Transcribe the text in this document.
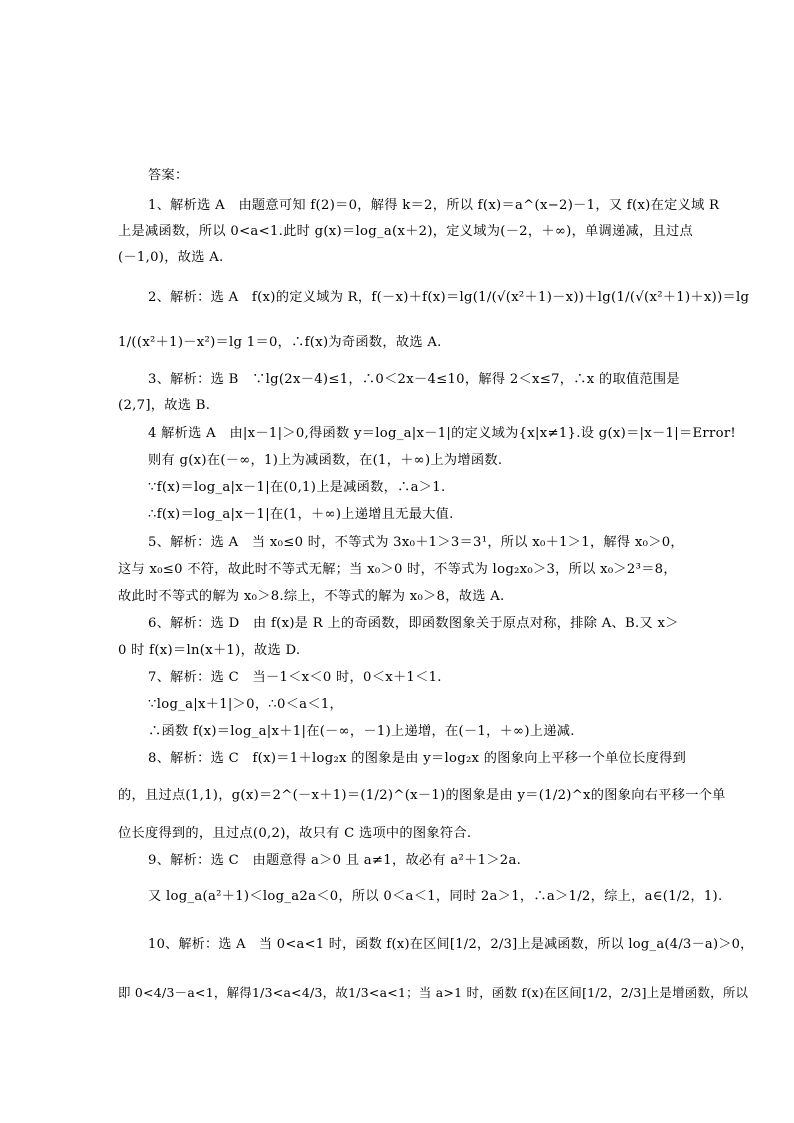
答案：
1、解析选 A　由题意可知 f(2)＝0，解得 k＝2，所以 f(x)＝a^(x−2)－1，又 f(x)在定义域 R
上是减函数，所以 0<a<1.此时 g(x)＝log_a(x＋2)，定义域为(－2，＋∞)，单调递减，且过点
(－1,0)，故选 A.
2、解析：选 A　f(x)的定义域为 R，f(－x)＋f(x)＝lg(1/(√(x²＋1)－x))＋lg(1/(√(x²＋1)＋x))＝lg
1/((x²＋1)－x²)＝lg 1＝0，∴f(x)为奇函数，故选 A.
3、解析：选 B　∵lg(2x－4)≤1，∴0＜2x－4≤10，解得 2＜x≤7，∴x 的取值范围是
(2,7]，故选 B.
4 解析选 A　由|x－1|＞0,得函数 y＝log_a|x－1|的定义域为{x|x≠1}.设 g(x)＝|x－1|＝Error!
则有 g(x)在(－∞，1)上为减函数，在(1，＋∞)上为增函数.
∵f(x)＝log_a|x－1|在(0,1)上是减函数，∴a＞1.
∴f(x)＝log_a|x－1|在(1，＋∞)上递增且无最大值.
5、解析：选 A　当 x₀≤0 时，不等式为 3x₀＋1＞3＝3¹，所以 x₀＋1＞1，解得 x₀＞0，
这与 x₀≤0 不符，故此时不等式无解；当 x₀＞0 时，不等式为 log₂x₀＞3，所以 x₀＞2³＝8，
故此时不等式的解为 x₀＞8.综上，不等式的解为 x₀＞8，故选 A.
6、解析：选 D　由 f(x)是 R 上的奇函数，即函数图象关于原点对称，排除 A、B.又 x＞
0 时 f(x)＝ln(x＋1)，故选 D.
7、解析：选 C　当－1＜x＜0 时，0＜x＋1＜1.
∵log_a|x＋1|＞0，∴0＜a＜1，
∴函数 f(x)＝log_a|x＋1|在(－∞，－1)上递增，在(－1，＋∞)上递减.
8、解析：选 C　f(x)＝1＋log₂x 的图象是由 y＝log₂x 的图象向上平移一个单位长度得到
的，且过点(1,1)，g(x)＝2^(－x＋1)＝(1/2)^(x－1)的图象是由 y＝(1/2)^x的图象向右平移一个单
位长度得到的，且过点(0,2)，故只有 C 选项中的图象符合.
9、解析：选 C　由题意得 a＞0 且 a≠1，故必有 a²＋1＞2a.
又 log_a(a²＋1)＜log_a2a＜0，所以 0＜a＜1，同时 2a＞1，∴a＞1/2，综上，a∈(1/2，1).
10、解析：选 A　当 0<a<1 时，函数 f(x)在区间[1/2，2/3]上是减函数，所以 log_a(4/3－a)＞0，
即 0<4/3－a<1，解得1/3<a<4/3，故1/3<a<1；当 a>1 时，函数 f(x)在区间[1/2，2/3]上是增函数，所以
